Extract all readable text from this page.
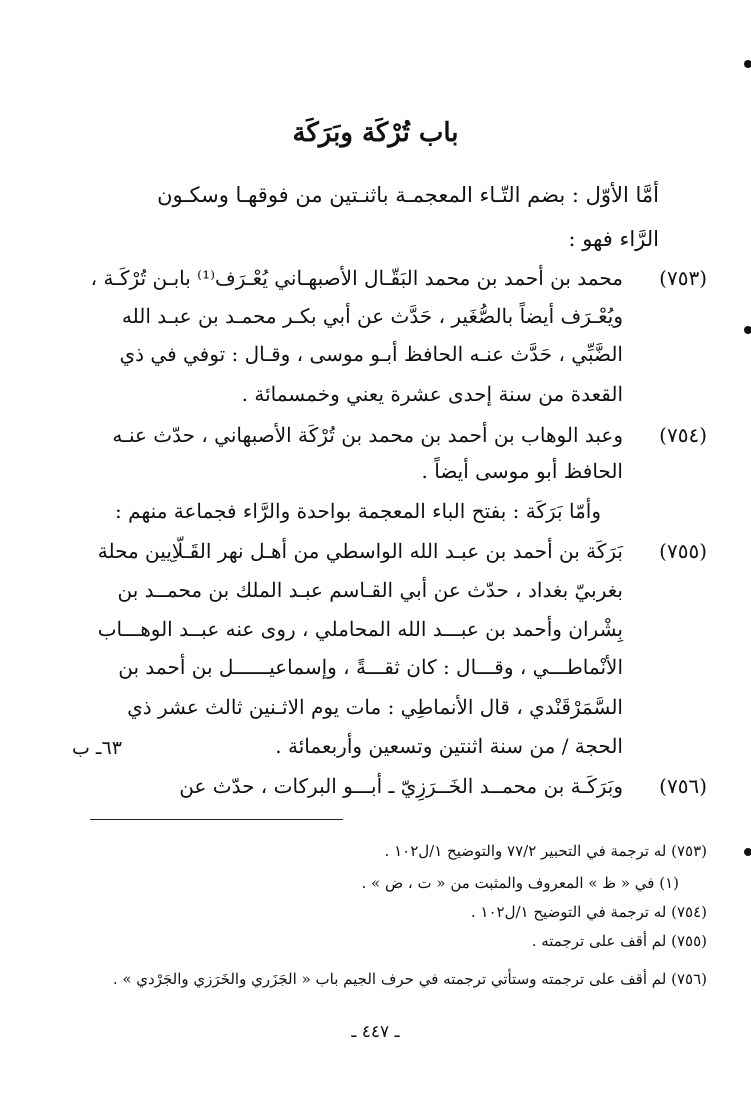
باب تُرْكَة وبَرَكَة
أمَّا الأوّل : بضم التّـاء المعجمـة باثنـتين من فوقهـا وسكـون
الرَّاء فهو :
(٧٥٣)
محمد بن أحمد بن محمد البَقّـال الأصبهـاني يُعْـرَف⁽¹⁾ بابـن تُرْكَـة ،
ويُعْـرَف أيضاً بالصُّغَير ، حَدَّث عن أبي بكـر محمـد بن عبـد الله
الضَّبِّي ، حَدَّث عنـه الحافظ أبـو موسى ، وقـال : توفي في ذي
القعدة من سنة إحدى عشرة يعني وخمسمائة .
(٧٥٤)
وعبد الوهاب بن أحمد بن محمد بن تُرْكَة الأصبهاني ، حدّث عنـه
الحافظ أبو موسى أيضاً .
وأمّا بَرَكَة : بفتح الباء المعجمة بواحدة والرَّاء فجماعة منهم :
(٧٥٥)
بَرَكَة بن أحمد بن عبـد الله الواسطي من أهـل نهر القَـلّاِيين محلة
بغربيّ بغداد ، حدّث عن أبي القـاسم عبـد الملك بن محمــد بن
بِشْران وأحمد بن عبـــد الله المحاملي ، روى عنه عبــد الوهـــاب
الأنْماطـــي ، وقـــال : كان ثقـــةً ، وإسماعيــــــل بن أحمد بن
السَّمَرْقَنْدي ، قال الأنماطِي : مات يوم الاثـنين ثالث عشر ذي
الحجة / من سنة اثنتين وتسعين وأربعمائة .
٦٣ـ ب
(٧٥٦)
وبَرَكَـة بن محمــد الخَــرَزِيّ ـ أبـــو البركات ، حدّث عن
(٧٥٣) له ترجمة في التحبير ٧٧/٢ والتوضيح ١/ل١٠٢ .
(١) في « ظ » المعروف والمثبت من « ت ، ض » .
(٧٥٤) له ترجمة في التوضيح ١/ل١٠٢ .
(٧٥٥) لم أقف على ترجمته .
(٧٥٦) لم أقف على ترجمته وستأتي ترجمته في حرف الجيم باب « الجَزَري والخَرَزي والجَرْدي » .
ـ ٤٤٧ ـ
